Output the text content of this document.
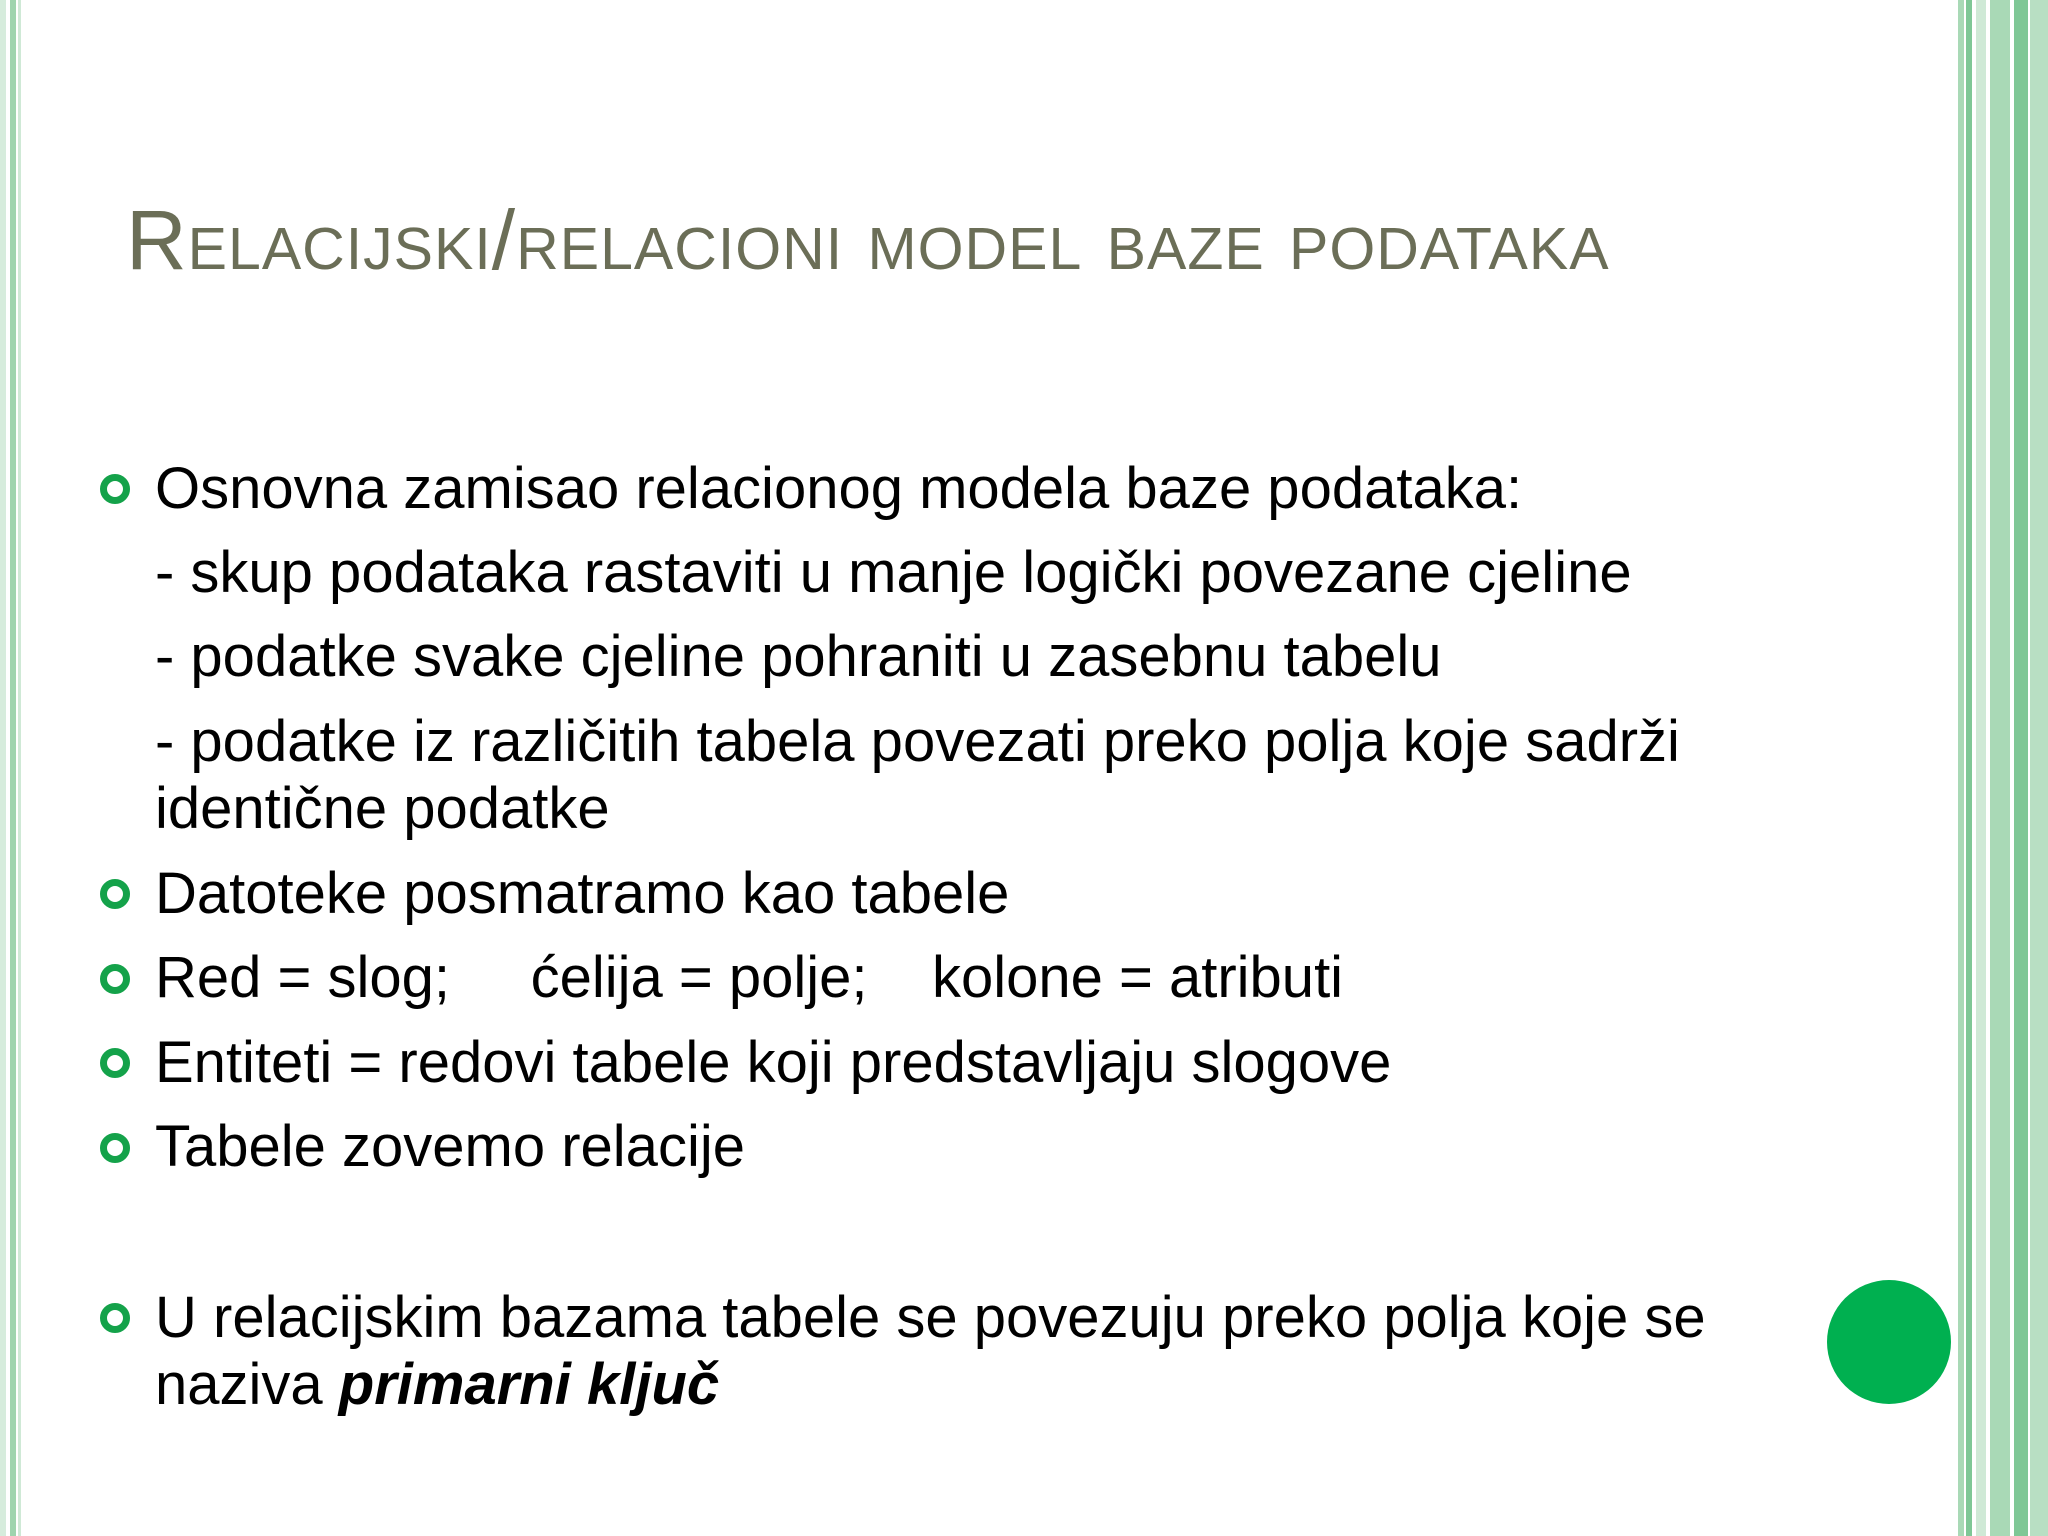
Relacijski/relacioni model baze podataka
Osnovna zamisao relacionog modela baze podataka:
- skup podataka rastaviti u manje logički povezane cjeline
- podatke svake cjeline pohraniti u zasebnu tabelu
- podatke iz različitih tabela povezati preko polja koje sadrži
identične podatke
Datoteke posmatramo kao tabele
Red = slog;     ćelija = polje;    kolone = atributi
Entiteti = redovi tabele koji predstavljaju slogove
Tabele zovemo relacije
U relacijskim bazama tabele se povezuju preko polja koje se
naziva primarni ključ
